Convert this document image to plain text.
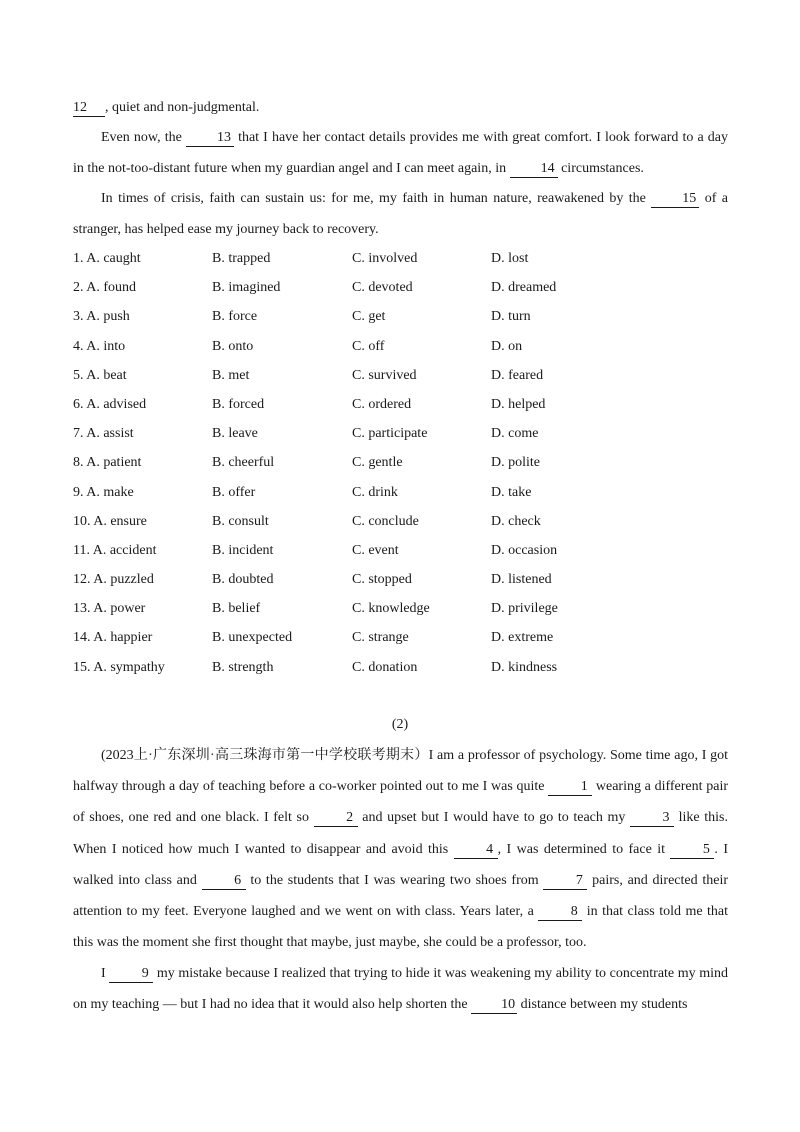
12 , quiet and non-judgmental.

Even now, the	13 that I have her contact details provides me with great comfort. I look forward to a day in the not-too-distant future when my guardian angel and I can meet again, in 14 circumstances.

In times of crisis, faith can sustain us: for me, my faith in human nature, reawakened by the	15 of a stranger, has helped ease my journey back to recovery.

1. A. caught	B. trapped	C. involved	D. lost
2. A. found	B. imagined	C. devoted	D. dreamed
3. A. push	B. force	C. get	D. turn
4. A. into	B. onto	C. off	D. on
5. A. beat	B. met	C. survived	D. feared
6. A. advised	B. forced	C. ordered	D. helped
7. A. assist	B. leave	C. participate	D. come
8. A. patient	B. cheerful	C. gentle	D. polite
9. A. make	B. offer	C. drink	D. take
10. A. ensure	B. consult	C. conclude	D. check
11. A. accident	B. incident	C. event	D. occasion
12. A. puzzled	B. doubted	C. stopped	D. listened
13. A. power	B. belief	C. knowledge	D. privilege
14. A. happier	B. unexpected	C. strange	D. extreme
15. A. sympathy	B. strength	C. donation	D. kindness
(2)

(2023上·广东深圳·高三珠海市第一中学校联考期末）I am a professor of psychology. Some time ago, I got halfway through a day of teaching before a co-worker pointed out to me I was quite	1 wearing a different pair of shoes, one red and one black. I felt so	2 and upset but I would have to go to teach my	3 like this. When I noticed how much I wanted to disappear and avoid this	4 , I was determined to face it	5 . I walked into class and	6 to the students that I was wearing two shoes from	7 pairs, and directed their attention to my feet. Everyone laughed and we went on with class. Years later, a	8 in that class told me that this was the moment she first thought that maybe, just maybe, she could be a professor, too.

I	9 my mistake because I realized that trying to hide it was weakening my ability to concentrate my mind on my teaching — but I had no idea that it would also help shorten the 10 distance between my students
